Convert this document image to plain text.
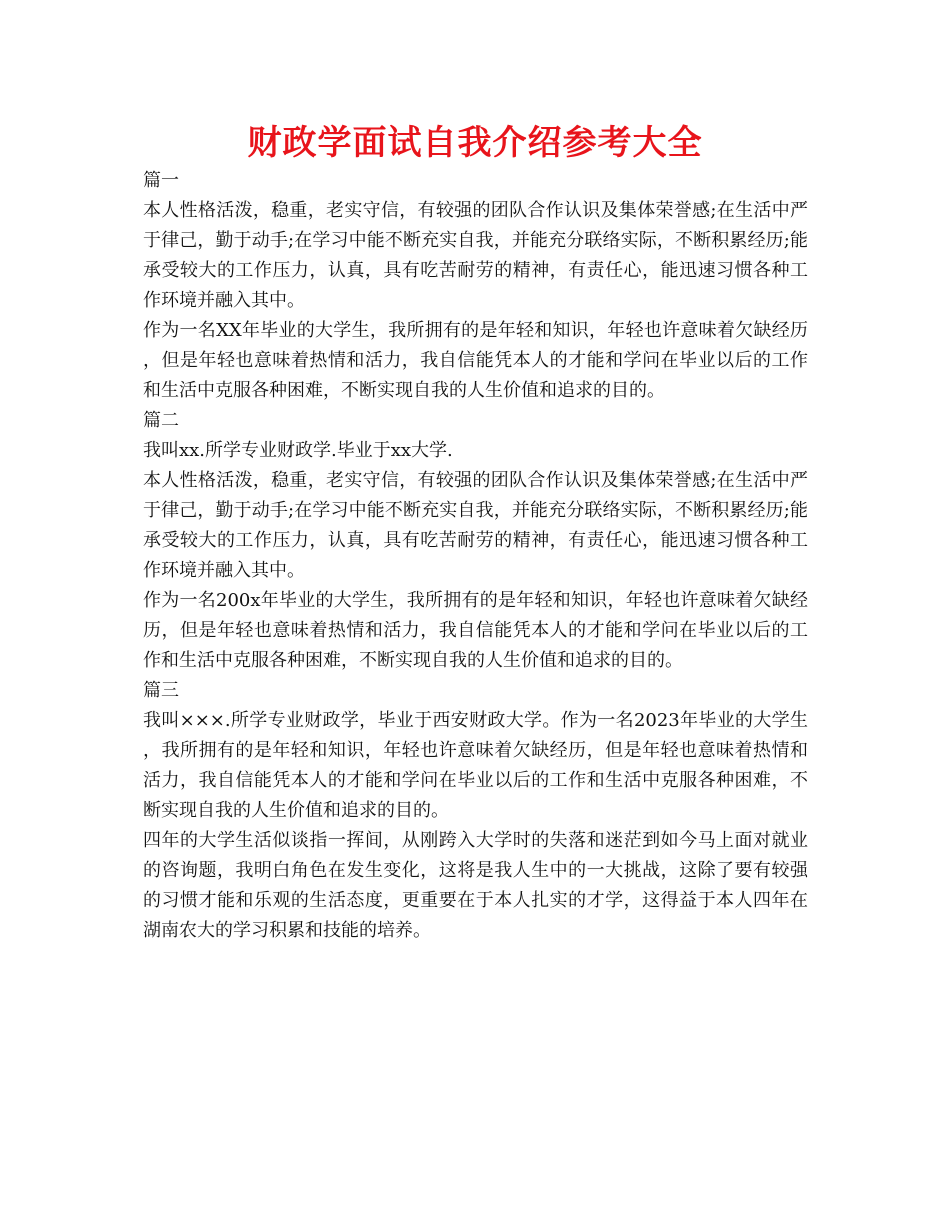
财政学面试自我介绍参考大全

篇一

本人性格活泼，稳重，老实守信，有较强的团队合作认识及集体荣誉感;在生活中严于律己，勤于动手;在学习中能不断充实自我，并能充分联络实际，不断积累经历;能承受较大的工作压力，认真，具有吃苦耐劳的精神，有责任心，能迅速习惯各种工作环境并融入其中。

作为一名XX年毕业的大学生，我所拥有的是年轻和知识，年轻也许意味着欠缺经历，但是年轻也意味着热情和活力，我自信能凭本人的才能和学问在毕业以后的工作和生活中克服各种困难，不断实现自我的人生价值和追求的目的。

篇二

我叫xx.所学专业财政学.毕业于xx大学.

本人性格活泼，稳重，老实守信，有较强的团队合作认识及集体荣誉感;在生活中严于律己，勤于动手;在学习中能不断充实自我，并能充分联络实际，不断积累经历;能承受较大的工作压力，认真，具有吃苦耐劳的精神，有责任心，能迅速习惯各种工作环境并融入其中。

作为一名200x年毕业的大学生，我所拥有的是年轻和知识，年轻也许意味着欠缺经历，但是年轻也意味着热情和活力，我自信能凭本人的才能和学问在毕业以后的工作和生活中克服各种困难，不断实现自我的人生价值和追求的目的。

篇三

我叫×××.所学专业财政学，毕业于西安财政大学。作为一名2023年毕业的大学生，我所拥有的是年轻和知识，年轻也许意味着欠缺经历，但是年轻也意味着热情和活力，我自信能凭本人的才能和学问在毕业以后的工作和生活中克服各种困难，不断实现自我的人生价值和追求的目的。

四年的大学生活似谈指一挥间，从刚跨入大学时的失落和迷茫到如今马上面对就业的咨询题，我明白角色在发生变化，这将是我人生中的一大挑战，这除了要有较强的习惯才能和乐观的生活态度，更重要在于本人扎实的才学，这得益于本人四年在湖南农大的学习积累和技能的培养。
